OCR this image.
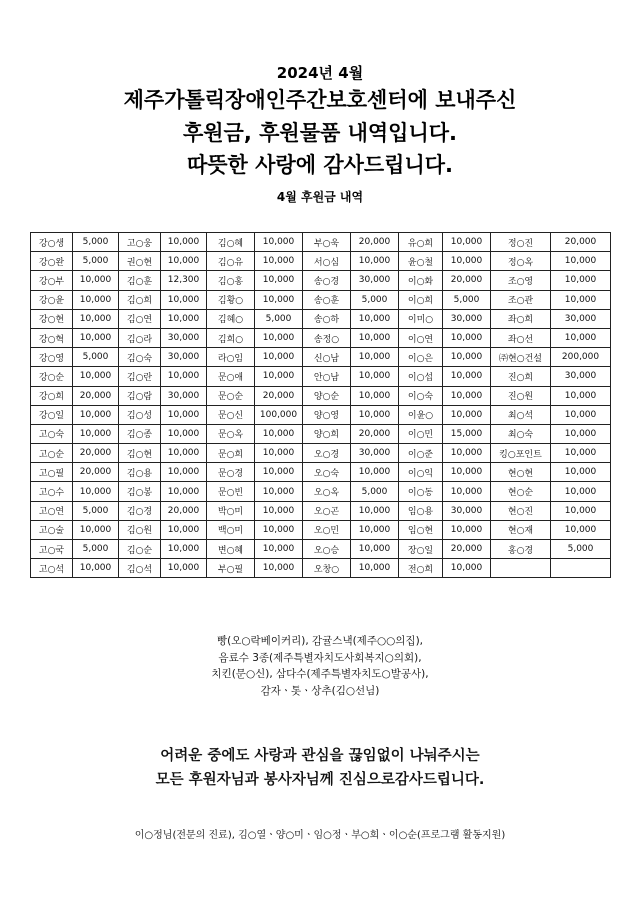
2024년 4월
제주가톨릭장애인주간보호센터에 보내주신
후원금, 후원물품 내역입니다.
따뜻한 사랑에 감사드립니다.
4월 후원금 내역
강○생	5,000	고○웅	10,000	김○혜	10,000	부○욱	20,000	유○희	10,000	정○진	20,000
강○완	5,000	권○현	10,000	김○유	10,000	서○심	10,000	윤○철	10,000	정○옥	10,000
강○부	10,000	김○훈	12,300	김○홍	10,000	송○경	30,000	이○화	20,000	조○영	10,000
강○윤	10,000	김○희	10,000	김황○	10,000	송○훈	5,000	이○희	5,000	조○관	10,000
강○현	10,000	김○연	10,000	김혜○	5,000	송○하	10,000	이미○	30,000	좌○희	30,000
강○혁	10,000	김○라	30,000	김희○	10,000	송정○	10,000	이○연	10,000	좌○선	10,000
강○영	5,000	김○숙	30,000	라○임	10,000	신○남	10,000	이○은	10,000	㈜현○건설	200,000
강○순	10,000	김○란	10,000	문○애	10,000	안○남	10,000	이○섭	10,000	진○희	30,000
강○희	20,000	김○람	30,000	문○순	20,000	양○순	10,000	이○숙	10,000	진○원	10,000
강○일	10,000	김○성	10,000	문○신	100,000	양○영	10,000	이윤○	10,000	최○석	10,000
고○숙	10,000	김○종	10,000	문○옥	10,000	양○희	20,000	이○민	15,000	최○숙	10,000
고○순	20,000	김○현	10,000	문○희	10,000	오○경	30,000	이○준	10,000	킹○포인트	10,000
고○필	20,000	김○용	10,000	문○경	10,000	오○숙	10,000	이○익	10,000	현○현	10,000
고○수	10,000	김○봉	10,000	문○빈	10,000	오○옥	5,000	이○동	10,000	현○순	10,000
고○연	5,000	김○경	20,000	박○미	10,000	오○곤	10,000	임○용	30,000	현○진	10,000
고○술	10,000	김○원	10,000	백○미	10,000	오○민	10,000	임○현	10,000	현○재	10,000
고○국	5,000	김○순	10,000	변○혜	10,000	오○승	10,000	장○일	20,000	홍○경	5,000
고○석	10,000	김○석	10,000	부○필	10,000	오창○	10,000	전○희	10,000		
빵(오○락베이커리), 감귤스낵(제주○○의집),
음료수 3종(제주특별자치도사회복지○의회),
치킨(문○신), 삼다수(제주특별자치도○발공사),
감자ㆍ톳ㆍ상추(김○선님)
어려운 중에도 사랑과 관심을 끊임없이 나눠주시는
모든 후원자님과 봉사자님께 진심으로감사드립니다.
이○정님(전문의 진료), 김○열ㆍ양○미ㆍ임○정ㆍ부○희ㆍ이○순(프로그램 활동지원)
